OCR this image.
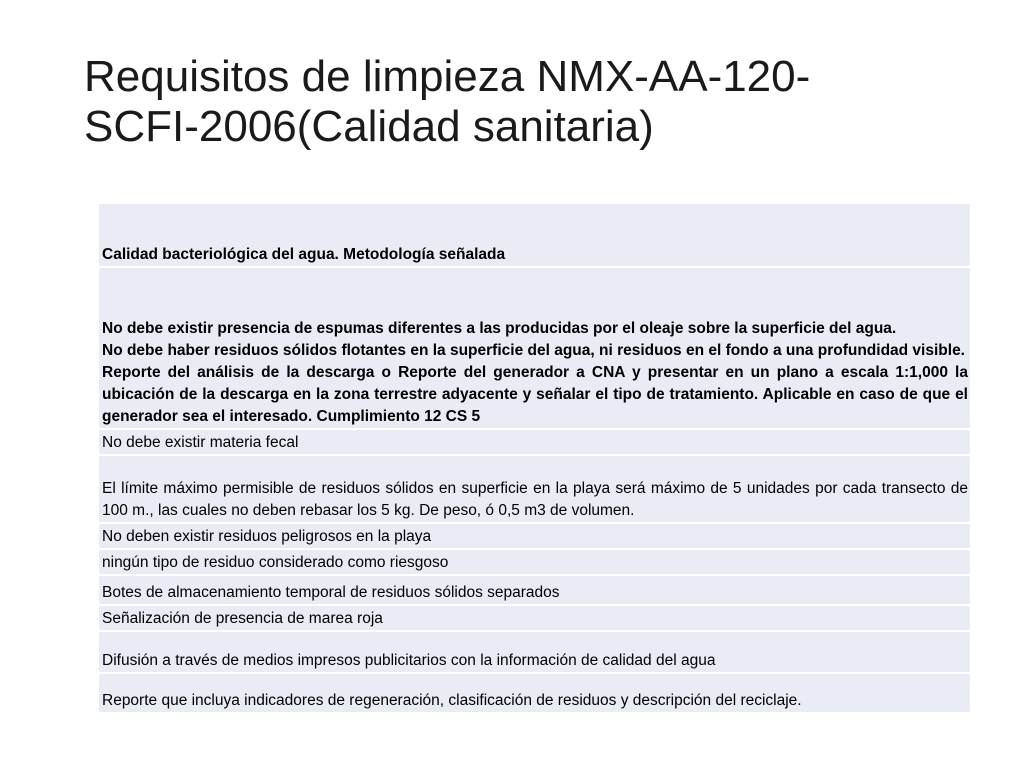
Requisitos de limpieza NMX-AA-120-
SCFI-2006(Calidad sanitaria)
Calidad bacteriológica del agua. Metodología señalada

No debe existir presencia de espumas diferentes a las producidas por el oleaje sobre la superficie del agua.

No debe haber residuos sólidos flotantes en la superficie del agua, ni residuos en el fondo a una profundidad visible.

Reporte del análisis de la descarga o Reporte del generador a CNA y presentar en un plano a escala 1:1,000 la ubicación de la descarga en la zona terrestre adyacente y señalar el tipo de tratamiento. Aplicable en caso de que el generador sea el interesado. Cumplimiento 12 CS 5

No debe existir materia fecal
El límite máximo permisible de residuos sólidos en superficie en la playa será máximo de 5 unidades por cada transecto de 100 m., las cuales no deben rebasar los 5 kg. De peso, ó 0,5 m3 de volumen.
No deben existir residuos peligrosos en la playa
ningún tipo de residuo considerado como riesgoso
Botes de almacenamiento temporal de residuos sólidos separados
Señalización de presencia de marea roja
Difusión a través de medios impresos publicitarios con la información de calidad del agua
Reporte que incluya indicadores de regeneración, clasificación de residuos y descripción del reciclaje.
